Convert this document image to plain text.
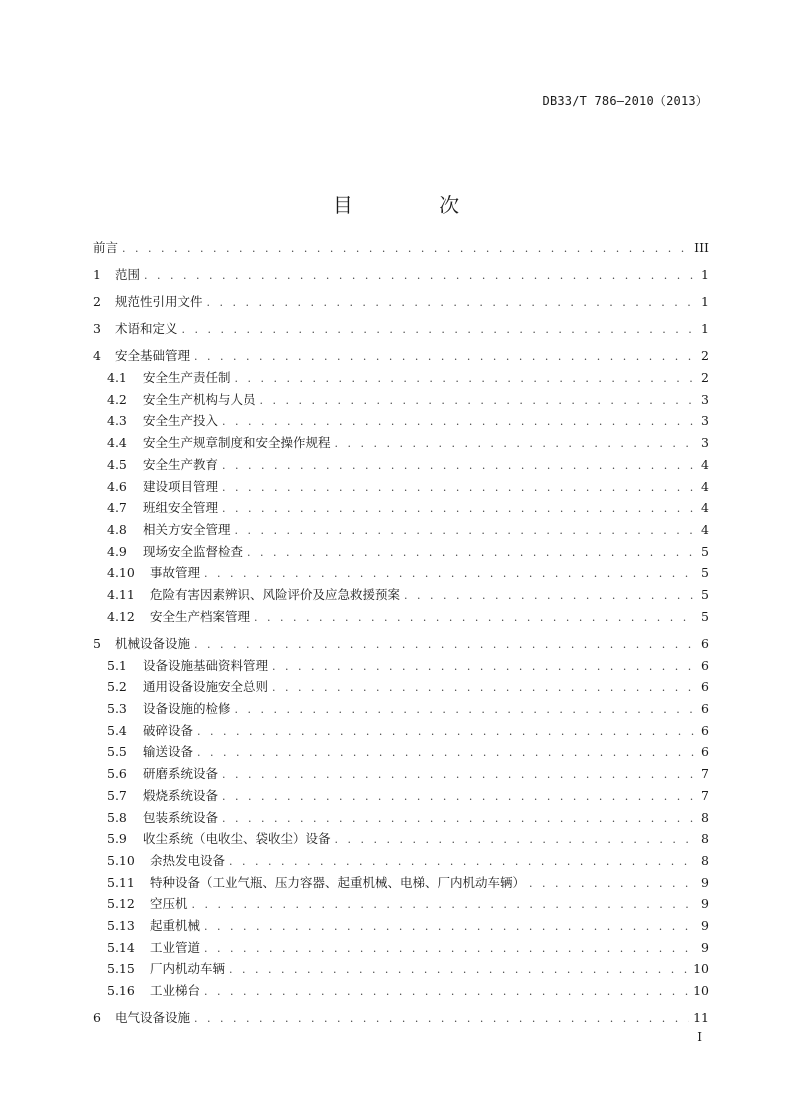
DB33/T 786—2010（2013）
目 次
前言 . . .	III
1	范围 . . .	1
2	规范性引用文件 . . .	1
3	术语和定义 . . .	1
4	安全基础管理 . . .	2
4.1	安全生产责任制 . . .	2
4.2	安全生产机构与人员 . . .	3
4.3	安全生产投入 . . .	3
4.4	安全生产规章制度和安全操作规程 . . .	3
4.5	安全生产教育 . . .	4
4.6	建设项目管理 . . .	4
4.7	班组安全管理 . . .	4
4.8	相关方安全管理 . . .	4
4.9	现场安全监督检查 . . .	5
4.10	事故管理 . . .	5
4.11	危险有害因素辨识、风险评价及应急救援预案 . . .	5
4.12	安全生产档案管理 . . .	5
5	机械设备设施 . . .	6
5.1	设备设施基础资料管理 . . .	6
5.2	通用设备设施安全总则 . . .	6
5.3	设备设施的检修 . . .	6
5.4	破碎设备 . . .	6
5.5	输送设备 . . .	6
5.6	研磨系统设备 . . .	7
5.7	煅烧系统设备 . . .	7
5.8	包装系统设备 . . .	8
5.9	收尘系统（电收尘、袋收尘）设备 . . .	8
5.10	余热发电设备 . . .	8
5.11	特种设备（工业气瓶、压力容器、起重机械、电梯、厂内机动车辆） . . .	9
5.12	空压机 . . .	9
5.13	起重机械 . . .	9
5.14	工业管道 . . .	9
5.15	厂内机动车辆 . . .	10
5.16	工业梯台 . . .	10
6	电气设备设施 . . .	11
I
